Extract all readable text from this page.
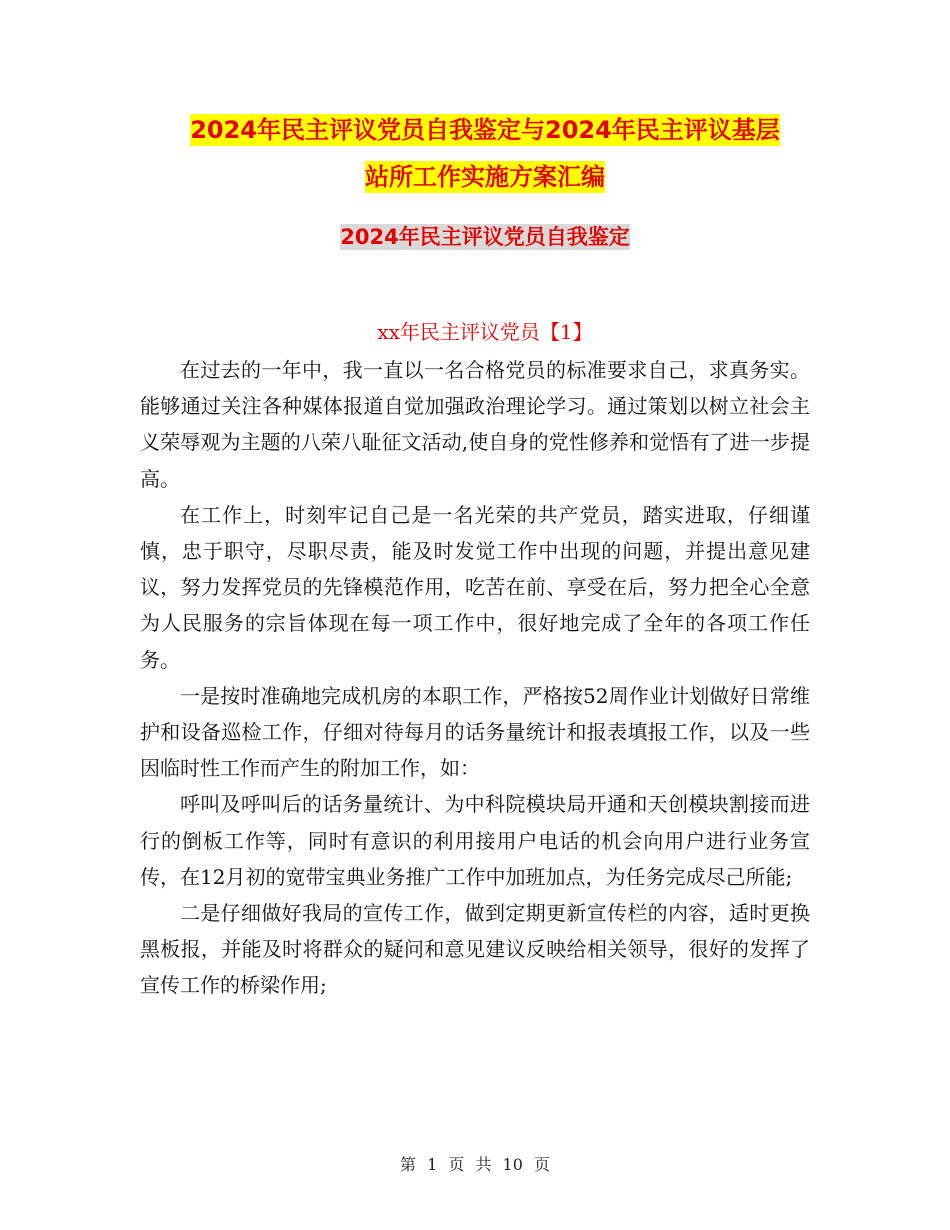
2024年民主评议党员自我鉴定与2024年民主评议基层
站所工作实施方案汇编
2024年民主评议党员自我鉴定
xx年民主评议党员【1】

在过去的一年中，我一直以一名合格党员的标准要求自己，求真务实。能够通过关注各种媒体报道自觉加强政治理论学习。通过策划以树立社会主义荣辱观为主题的八荣八耻征文活动,使自身的党性修养和觉悟有了进一步提高。

在工作上，时刻牢记自己是一名光荣的共产党员，踏实进取，仔细谨慎，忠于职守，尽职尽责，能及时发觉工作中出现的问题，并提出意见建议，努力发挥党员的先锋模范作用，吃苦在前、享受在后，努力把全心全意为人民服务的宗旨体现在每一项工作中，很好地完成了全年的各项工作任务。

一是按时准确地完成机房的本职工作，严格按52周作业计划做好日常维护和设备巡检工作，仔细对待每月的话务量统计和报表填报工作，以及一些因临时性工作而产生的附加工作，如：

呼叫及呼叫后的话务量统计、为中科院模块局开通和天创模块割接而进行的倒板工作等，同时有意识的利用接用户电话的机会向用户进行业务宣传，在12月初的宽带宝典业务推广工作中加班加点，为任务完成尽己所能;

二是仔细做好我局的宣传工作，做到定期更新宣传栏的内容，适时更换黑板报，并能及时将群众的疑问和意见建议反映给相关领导，很好的发挥了宣传工作的桥梁作用;

第 1 页 共 10 页
